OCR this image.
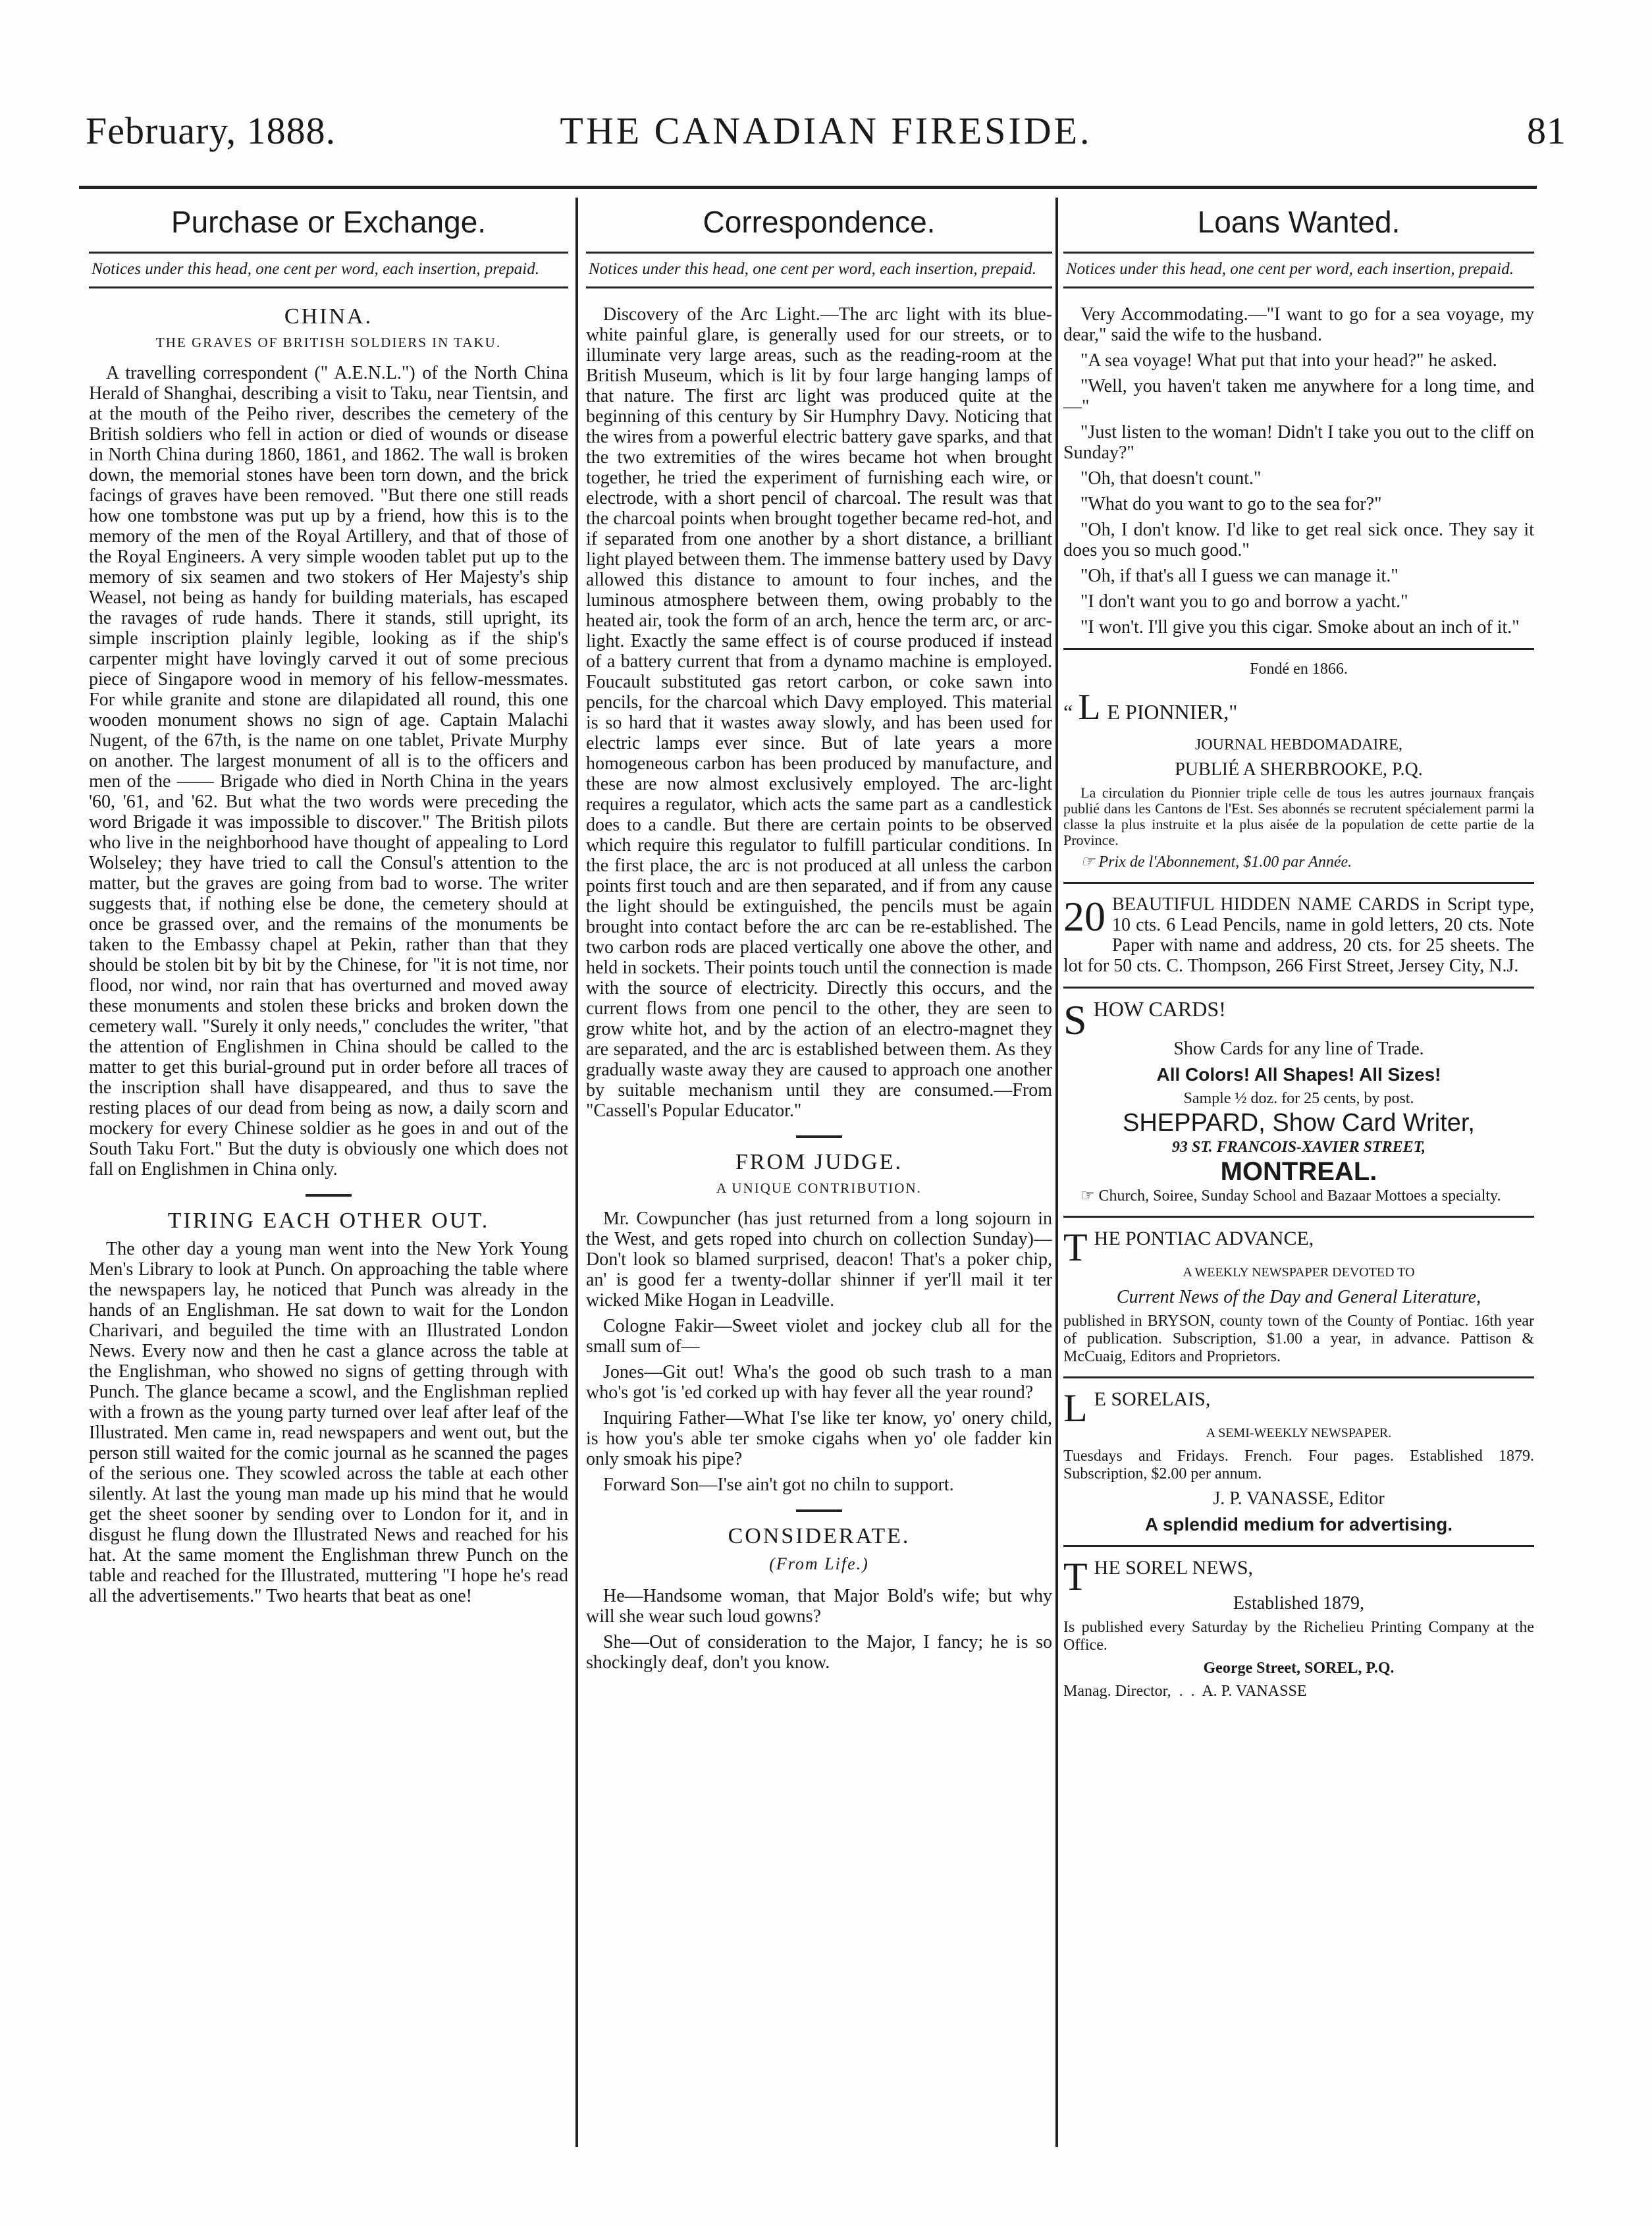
February, 1888.	THE CANADIAN FIRESIDE.	81
Purchase or Exchange.
Notices under this head, one cent per word, each insertion, prepaid.
CHINA.
THE GRAVES OF BRITISH SOLDIERS IN TAKU.

A travelling correspondent (" A.E.N.L.") of the North China Herald of Shanghai, describing a visit to Taku, near Tientsin, and at the mouth of the Peiho river, describes the cemetery of the British soldiers who fell in action or died of wounds or disease in North China during 1860, 1861, and 1862. The wall is broken down, the memorial stones have been torn down, and the brick facings of graves have been removed. "But there one still reads how one tombstone was put up by a friend, how this is to the memory of the men of the Royal Artillery, and that of those of the Royal Engineers. A very simple wooden tablet put up to the memory of six seamen and two stokers of Her Majesty's ship Weasel, not being as handy for building materials, has escaped the ravages of rude hands. There it stands, still upright, its simple inscription plainly legible, looking as if the ship's carpenter might have lovingly carved it out of some precious piece of Singapore wood in memory of his fellow-messmates. For while granite and stone are dilapidated all round, this one wooden monument shows no sign of age. Captain Malachi Nugent, of the 67th, is the name on one tablet, Private Murphy on another. The largest monument of all is to the officers and men of the —— Brigade who died in North China in the years '60, '61, and '62. But what the two words were preceding the word Brigade it was impossible to discover." The British pilots who live in the neighborhood have thought of appealing to Lord Wolseley; they have tried to call the Consul's attention to the matter, but the graves are going from bad to worse. The writer suggests that, if nothing else be done, the cemetery should at once be grassed over, and the remains of the monuments be taken to the Embassy chapel at Pekin, rather than that they should be stolen bit by bit by the Chinese, for "it is not time, nor flood, nor wind, nor rain that has overturned and moved away these monuments and stolen these bricks and broken down the cemetery wall. "Surely it only needs," concludes the writer, "that the attention of Englishmen in China should be called to the matter to get this burial-ground put in order before all traces of the inscription shall have disappeared, and thus to save the resting places of our dead from being as now, a daily scorn and mockery for every Chinese soldier as he goes in and out of the South Taku Fort." But the duty is obviously one which does not fall on Englishmen in China only.

TIRING EACH OTHER OUT.

The other day a young man went into the New York Young Men's Library to look at Punch. On approaching the table where the newspapers lay, he noticed that Punch was already in the hands of an Englishman. He sat down to wait for the London Charivari, and beguiled the time with an Illustrated London News. Every now and then he cast a glance across the table at the Englishman, who showed no signs of getting through with Punch. The glance became a scowl, and the Englishman replied with a frown as the young party turned over leaf after leaf of the Illustrated. Men came in, read newspapers and went out, but the person still waited for the comic journal as he scanned the pages of the serious one. They scowled across the table at each other silently. At last the young man made up his mind that he would get the sheet sooner by sending over to London for it, and in disgust he flung down the Illustrated News and reached for his hat. At the same moment the Englishman threw Punch on the table and reached for the Illustrated, muttering "I hope he's read all the advertisements." Two hearts that beat as one!

Correspondence.
Notices under this head, one cent per word, each insertion, prepaid.

Discovery of the Arc Light.—The arc light with its blue-white painful glare, is generally used for our streets, or to illuminate very large areas, such as the reading-room at the British Museum, which is lit by four large hanging lamps of that nature. The first arc light was produced quite at the beginning of this century by Sir Humphry Davy. Noticing that the wires from a powerful electric battery gave sparks, and that the two extremities of the wires became hot when brought together, he tried the experiment of furnishing each wire, or electrode, with a short pencil of charcoal. The result was that the charcoal points when brought together became red-hot, and if separated from one another by a short distance, a brilliant light played between them. The immense battery used by Davy allowed this distance to amount to four inches, and the luminous atmosphere between them, owing probably to the heated air, took the form of an arch, hence the term arc, or arc-light. Exactly the same effect is of course produced if instead of a battery current that from a dynamo machine is employed. Foucault substituted gas retort carbon, or coke sawn into pencils, for the charcoal which Davy employed. This material is so hard that it wastes away slowly, and has been used for electric lamps ever since. But of late years a more homogeneous carbon has been produced by manufacture, and these are now almost exclusively employed. The arc-light requires a regulator, which acts the same part as a candlestick does to a candle. But there are certain points to be observed which require this regulator to fulfill particular conditions. In the first place, the arc is not produced at all unless the carbon points first touch and are then separated, and if from any cause the light should be extinguished, the pencils must be again brought into contact before the arc can be re-established. The two carbon rods are placed vertically one above the other, and held in sockets. Their points touch until the connection is made with the source of electricity. Directly this occurs, and the current flows from one pencil to the other, they are seen to grow white hot, and by the action of an electro-magnet they are separated, and the arc is established between them. As they gradually waste away they are caused to approach one another by suitable mechanism until they are consumed.—From "Cassell's Popular Educator."

FROM JUDGE.
A UNIQUE CONTRIBUTION.

Mr. Cowpuncher (has just returned from a long sojourn in the West, and gets roped into church on collection Sunday)—Don't look so blamed surprised, deacon! That's a poker chip, an' is good fer a twenty-dollar shinner if yer'll mail it ter wicked Mike Hogan in Leadville.

Cologne Fakir—Sweet violet and jockey club all for the small sum of—

Jones—Git out! Wha's the good ob such trash to a man who's got 'is 'ed corked up with hay fever all the year round?

Inquiring Father—What I'se like ter know, yo' onery child, is how you's able ter smoke cigahs when yo' ole fadder kin only smoak his pipe?

Forward Son—I'se ain't got no chiln to support.

CONSIDERATE.
(From Life.)

He—Handsome woman, that Major Bold's wife; but why will she wear such loud gowns?

She—Out of consideration to the Major, I fancy; he is so shockingly deaf, don't you know.

Loans Wanted.
Notices under this head, one cent per word, each insertion, prepaid.

Very Accommodating.—"I want to go for a sea voyage, my dear," said the wife to the husband.

"A sea voyage! What put that into your head?" he asked.

"Well, you haven't taken me anywhere for a long time, and—"

"Just listen to the woman! Didn't I take you out to the cliff on Sunday?"

"Oh, that doesn't count."

"What do you want to go to the sea for?"

"Oh, I don't know. I'd like to get real sick once. They say it does you so much good."

"Oh, if that's all I guess we can manage it."

"I don't want you to go and borrow a yacht."

"I won't. I'll give you this cigar. Smoke about an inch of it."

Fondé en 1866.

“ L E PIONNIER,"

JOURNAL HEBDOMADAIRE,

PUBLIÉ A SHERBROOKE, P.Q.

La circulation du Pionnier triple celle de tous les autres journaux français publié dans les Cantons de l'Est. Ses abonnés se recrutent spécialement parmi la classe la plus instruite et la plus aisée de la population de cette partie de la Province.

☞ Prix de l'Abonnement, $1.00 par Année.

20 BEAUTIFUL HIDDEN NAME CARDS in Script type, 10 cts. 6 Lead Pencils, name in gold letters, 20 cts. Note Paper with name and address, 20 cts. for 25 sheets. The lot for 50 cts. C. Thompson, 266 First Street, Jersey City, N.J.

SHOW CARDS!

Show Cards for any line of Trade.

All Colors! All Shapes! All Sizes!

Sample ½ doz. for 25 cents, by post.

SHEPPARD, Show Card Writer,

93 ST. FRANCOIS-XAVIER STREET,

MONTREAL.

☞ Church, Soiree, Sunday School and Bazaar Mottoes a specialty.

THE PONTIAC ADVANCE,

A WEEKLY NEWSPAPER DEVOTED TO

Current News of the Day and General Literature,

published in BRYSON, county town of the County of Pontiac. 16th year of publication. Subscription, $1.00 a year, in advance. Pattison & McCuaig, Editors and Proprietors.

L E SORELAIS,

A SEMI-WEEKLY NEWSPAPER.

Tuesdays and Fridays. French. Four pages. Established 1879. Subscription, $2.00 per annum.

J. P. VANASSE, Editor

A splendid medium for advertising.

THE SOREL NEWS,

Established 1879,

Is published every Saturday by the Richelieu Printing Company at the Office.

George Street, SOREL, P.Q.

Manag. Director,  .  .  A. P. VANASSE
